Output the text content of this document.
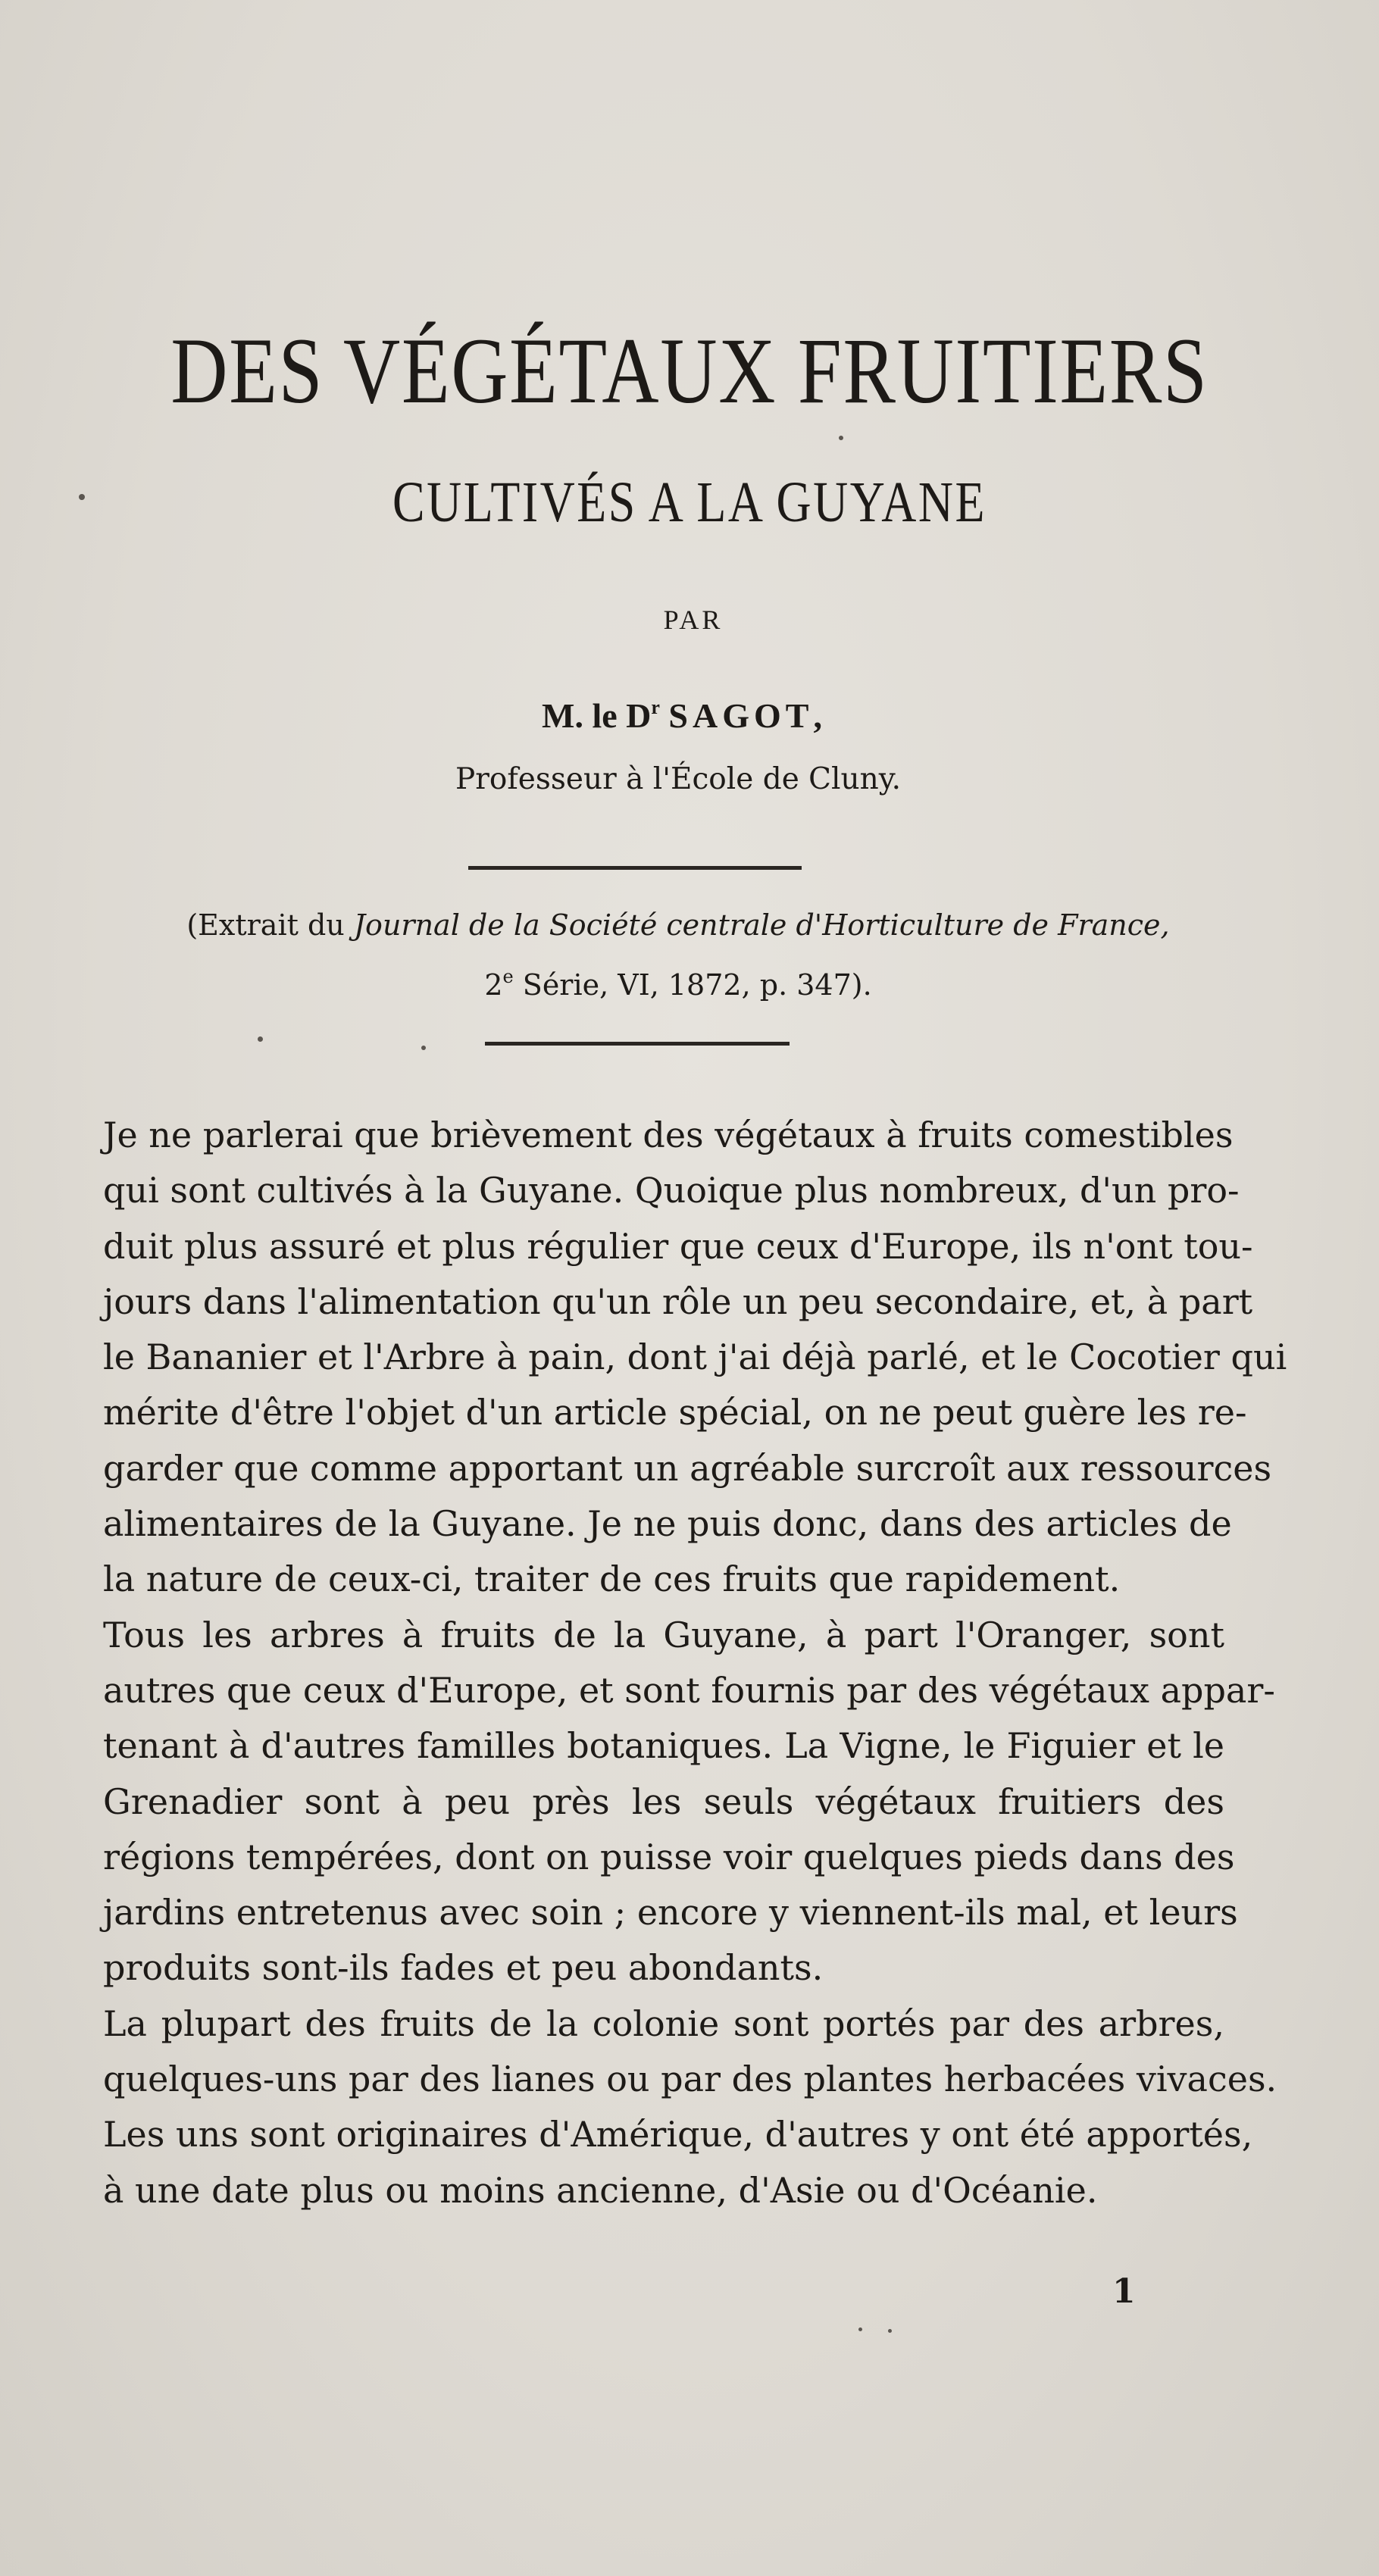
DES VÉGÉTAUX FRUITIERS
CULTIVÉS A LA GUYANE
PAR
M. le $D^r$ SAGOT,
Professeur à l'École de Cluny.
(Extrait du Journal de la Société centrale d'Horticulture de France,
2e Série, VI, 1872, p. 347).

Je ne parlerai que brièvement des végétaux à fruits comestibles
qui sont cultivés à la Guyane. Quoique plus nombreux, d'un pro-
duit plus assuré et plus régulier que ceux d'Europe, ils n'ont tou-
jours dans l'alimentation qu'un rôle un peu secondaire, et, à part
le Bananier et l'Arbre à pain, dont j'ai déjà parlé, et le Cocotier qui
mérite d'être l'objet d'un article spécial, on ne peut guère les re-
garder que comme apportant un agréable surcroît aux ressources
alimentaires de la Guyane. Je ne puis donc, dans des articles de
la nature de ceux-ci, traiter de ces fruits que rapidement.

Tous les arbres à fruits de la Guyane, à part l'Oranger, sont
autres que ceux d'Europe, et sont fournis par des végétaux appar-
tenant à d'autres familles botaniques. La Vigne, le Figuier et le
Grenadier sont à peu près les seuls végétaux fruitiers des
régions tempérées, dont on puisse voir quelques pieds dans des
jardins entretenus avec soin ; encore y viennent-ils mal, et leurs
produits sont-ils fades et peu abondants.

La plupart des fruits de la colonie sont portés par des arbres,
quelques-uns par des lianes ou par des plantes herbacées vivaces.
Les uns sont originaires d'Amérique, d'autres y ont été apportés,
à une date plus ou moins ancienne, d'Asie ou d'Océanie.

1
